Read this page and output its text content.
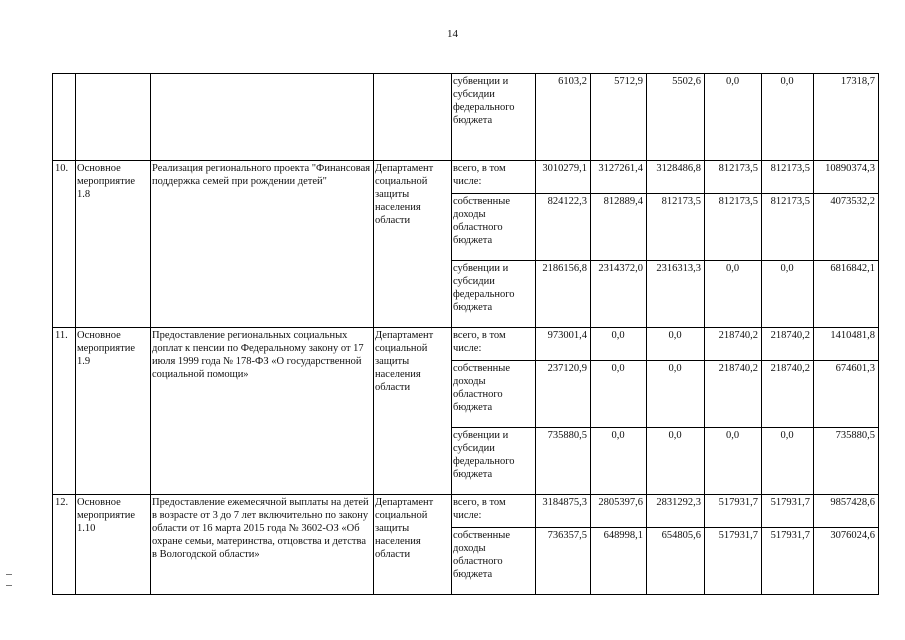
14
				субвенции и субсидии федерального бюджета	6103,2	5712,9	5502,6	0,0	0,0	17318,7
10.	Основное мероприятие 1.8	Реализация регионального проекта "Финансовая поддержка семей при рождении детей"	Департамент социальной защиты населения области	всего, в том числе:	3010279,1	3127261,4	3128486,8	812173,5	812173,5	10890374,3
				собственные доходы областного бюджета	824122,3	812889,4	812173,5	812173,5	812173,5	4073532,2
				субвенции и субсидии федерального бюджета	2186156,8	2314372,0	2316313,3	0,0	0,0	6816842,1
11.	Основное мероприятие 1.9	Предоставление региональных социальных доплат к пенсии по Федеральному закону от 17 июля 1999 года № 178-ФЗ «О государственной социальной помощи»	Департамент социальной защиты населения области	всего, в том числе:	973001,4	0,0	0,0	218740,2	218740,2	1410481,8
				собственные доходы областного бюджета	237120,9	0,0	0,0	218740,2	218740,2	674601,3
				субвенции и субсидии федерального бюджета	735880,5	0,0	0,0	0,0	0,0	735880,5
12.	Основное мероприятие 1.10	Предоставление ежемесячной выплаты на детей в возрасте от 3 до 7 лет включительно по закону области от 16 марта 2015 года № 3602-ОЗ «Об охране семьи, материнства, отцовства и детства в Вологодской области»	Департамент социальной защиты населения области	всего, в том числе:	3184875,3	2805397,6	2831292,3	517931,7	517931,7	9857428,6
				собственные доходы областного бюджета	736357,5	648998,1	654805,6	517931,7	517931,7	3076024,6
